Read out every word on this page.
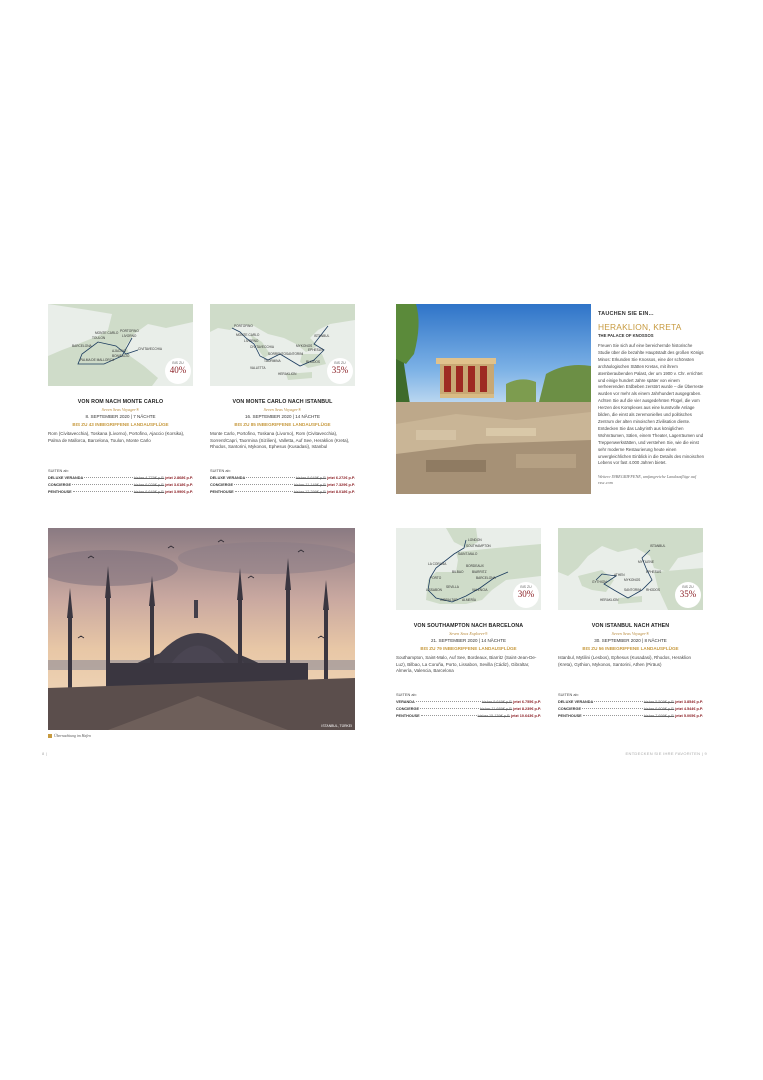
MONTE CARLO PORTOFINO
LIVORNO
CIVITAVECCHIA
AJACCIO
BARCELONA
PALMA DE MALLORCA
TOULON
BONIFACIO
BIS ZU
40%
VON ROM NACH MONTE CARLO
Seven Seas Voyager®
8. SEPTEMBER 2020 | 7 NÄCHTE
BIS ZU 43 INBEGRIFFENE LANDAUSFLÜGE
Rom (Civitavecchia), Toskana (Livorno), Portofino, Ajaccio (Korsika), Palma de Mallorca, Barcelona, Toulon, Monte Carlo
SUITEN ab:
DELUXE VERANDA	bisher 4.779€ p.P. jetzt 2.868€ p.P.
CONCIERGE	bisher 6.029€ p.P. jetzt 3.618€ p.P.
PENTHOUSE	bisher 6.649€ p.P. jetzt 3.990€ p.P.
PORTOFINO
MONTE CARLO
LIVORNO
CIVITAVECCHIA
SORRENTO
TAORMINA
VALLETTA
RHODOS
SANTORINI
EPHESUS
ISTANBUL
MYKONOS
HERAKLION
BIS ZU
35%
VON MONTE CARLO NACH ISTANBUL
Seven Seas Voyager®
16. SEPTEMBER 2020 | 14 NÄCHTE
BIS ZU 85 INBEGRIFFENE LANDAUSFLÜGE
Monte Carlo, Portofino, Toskana (Livorno), Rom (Civitavecchia), Sorrent/Capri, Taormina (Sizilien), Valletta, Auf See, Heraklion (Kreta), Rhodos, Santorini, Mykonos, Ephesus (Kusadasi), Istanbul
SUITEN ab:
DELUXE VERANDA	bisher 9.649€ p.P. jetzt 6.272€ p.P.
CONCIERGE	bisher 11.149€ p.P. jetzt 7.329€ p.P.
PENTHOUSE	bisher 12.299€ p.P. jetzt 8.018€ p.P.
TAUCHEN SIE EIN...
HERAKLION, KRETA
THE PALACE OF KNOSSOS
Freuen Sie sich auf eine bereichernde historische Studie über die bezahlte Hauptstadt des großen Königs Minos: Erkunden Sie Knossos, eine der schönsten archäologischen Stätten Kretas, mit ihrem atemberaubenden Palast, der um 1900 v. Chr. errichtet und einige hundert Jahre später von einem verheerenden Erdbeben zerstört wurde – die Überreste wurden vor mehr als einem Jahrhundert ausgegraben. Achten Sie auf die vier ausgedehnten Flügel, die vom Herzen des Komplexes aus eine kunstvolle Anlage bilden, die einst als zeremonielles und politisches Zentrum der alten minoischen Zivilisation diente. Entdecken Sie das Labyrinth aus königlichen Wohnräumen, Sälen, einem Theater, Lagerräumen und Treppenwerkstätten, und verstehen Sie, wie die einst sehr moderne Restaurierung heute einen unvergleichlichen Einblick in die Details des minoischen Lebens vor fast 4.000 Jahren bietet.
Weitere INBEGRIFFENE, umfangreiche Landausflüge auf rssc.com
ISTANBUL, TÜRKEI
Übernachtung im Hafen
LONDON
SOUTHAMPTON
SAINT-MALO
LA CORUÑA	BORDEAUX
BILBAO
PORTO
BIARRITZ
LISSABON
SEVILLA
GIBRALTAR ALMERÍA
VALENCIA
BARCELONA
BIS ZU
30%
VON SOUTHAMPTON NACH BARCELONA
Seven Seas Explorer®
21. SEPTEMBER 2020 | 14 NÄCHTE
BIS ZU 79 INBEGRIFFENE LANDAUSFLÜGE
Southampton, Saint-Malo, Auf See, Bordeaux, Biarritz (Saint-Jean-De-Luz), Bilbao, La Coruña, Porto, Lissabon, Sevilla (Cádiz), Gibraltar, Almería, Valencia, Barcelona
SUITEN ab:
VERANDA	bisher 9.649€ p.P. jetzt 6.755€ p.P.
CONCIERGE	bisher 11.689€ p.P. jetzt 8.239€ p.P.
PENTHOUSE	bisher 15.139€ p.P. jetzt 10.643€ p.P.
ISTANBUL
MYTILENE
EPHESUS
GYTHION
SANTORINI
HERAKLION
RHODOS
ATHEN
MYKONOS
BIS ZU
35%
VON ISTANBUL NACH ATHEN
Seven Seas Voyager®
30. SEPTEMBER 2020 | 8 NÄCHTE
BIS ZU 56 INBEGRIFFENE LANDAUSFLÜGE
Istanbul, Mytilini (Lesbos), Ephesus (Kusadasi), Rhodos, Heraklion (Kreta), Gythion, Mykonos, Santorini, Athen (Piräus)
SUITEN ab:
DELUXE VERANDA	bisher 5.509€ p.P. jetzt 3.854€ p.P.
CONCIERGE	bisher 6.609€ p.P. jetzt 4.544€ p.P.
PENTHOUSE	bisher 7.699€ p.P. jetzt 5.005€ p.P.
8 |	ENTDECKEN SIE IHRE FAVORITEN | 9
